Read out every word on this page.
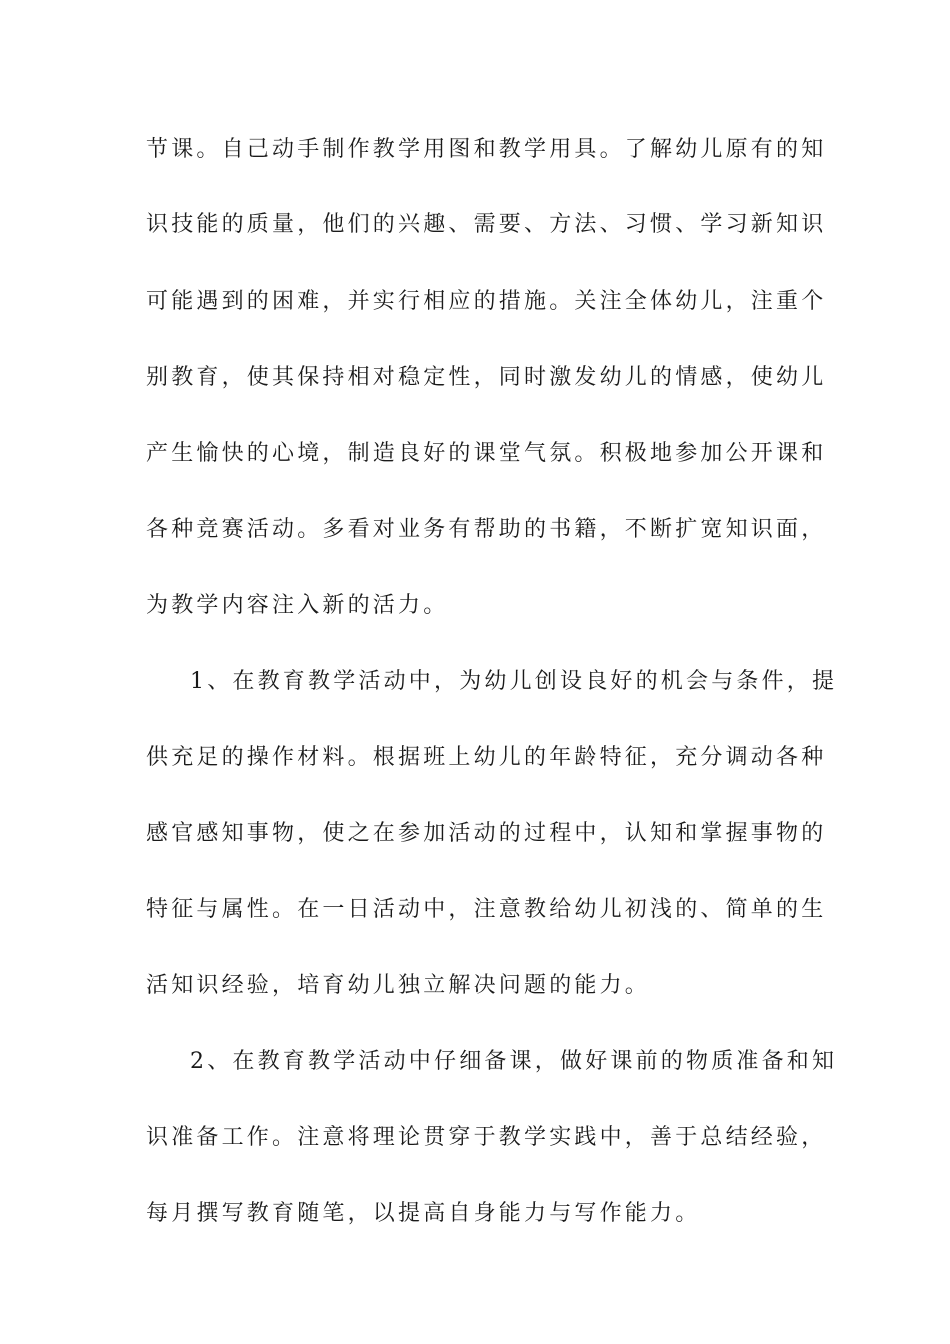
节课。自己动手制作教学用图和教学用具。了解幼儿原有的知
识技能的质量，他们的兴趣、需要、方法、习惯、学习新知识
可能遇到的困难，并实行相应的措施。关注全体幼儿，注重个
别教育，使其保持相对稳定性，同时激发幼儿的情感，使幼儿
产生愉快的心境，制造良好的课堂气氛。积极地参加公开课和
各种竞赛活动。多看对业务有帮助的书籍，不断扩宽知识面，
为教学内容注入新的活力。
1、在教育教学活动中，为幼儿创设良好的机会与条件，提
供充足的操作材料。根据班上幼儿的年龄特征，充分调动各种
感官感知事物，使之在参加活动的过程中，认知和掌握事物的
特征与属性。在一日活动中，注意教给幼儿初浅的、简单的生
活知识经验，培育幼儿独立解决问题的能力。
2、在教育教学活动中仔细备课，做好课前的物质准备和知
识准备工作。注意将理论贯穿于教学实践中，善于总结经验，
每月撰写教育随笔，以提高自身能力与写作能力。
